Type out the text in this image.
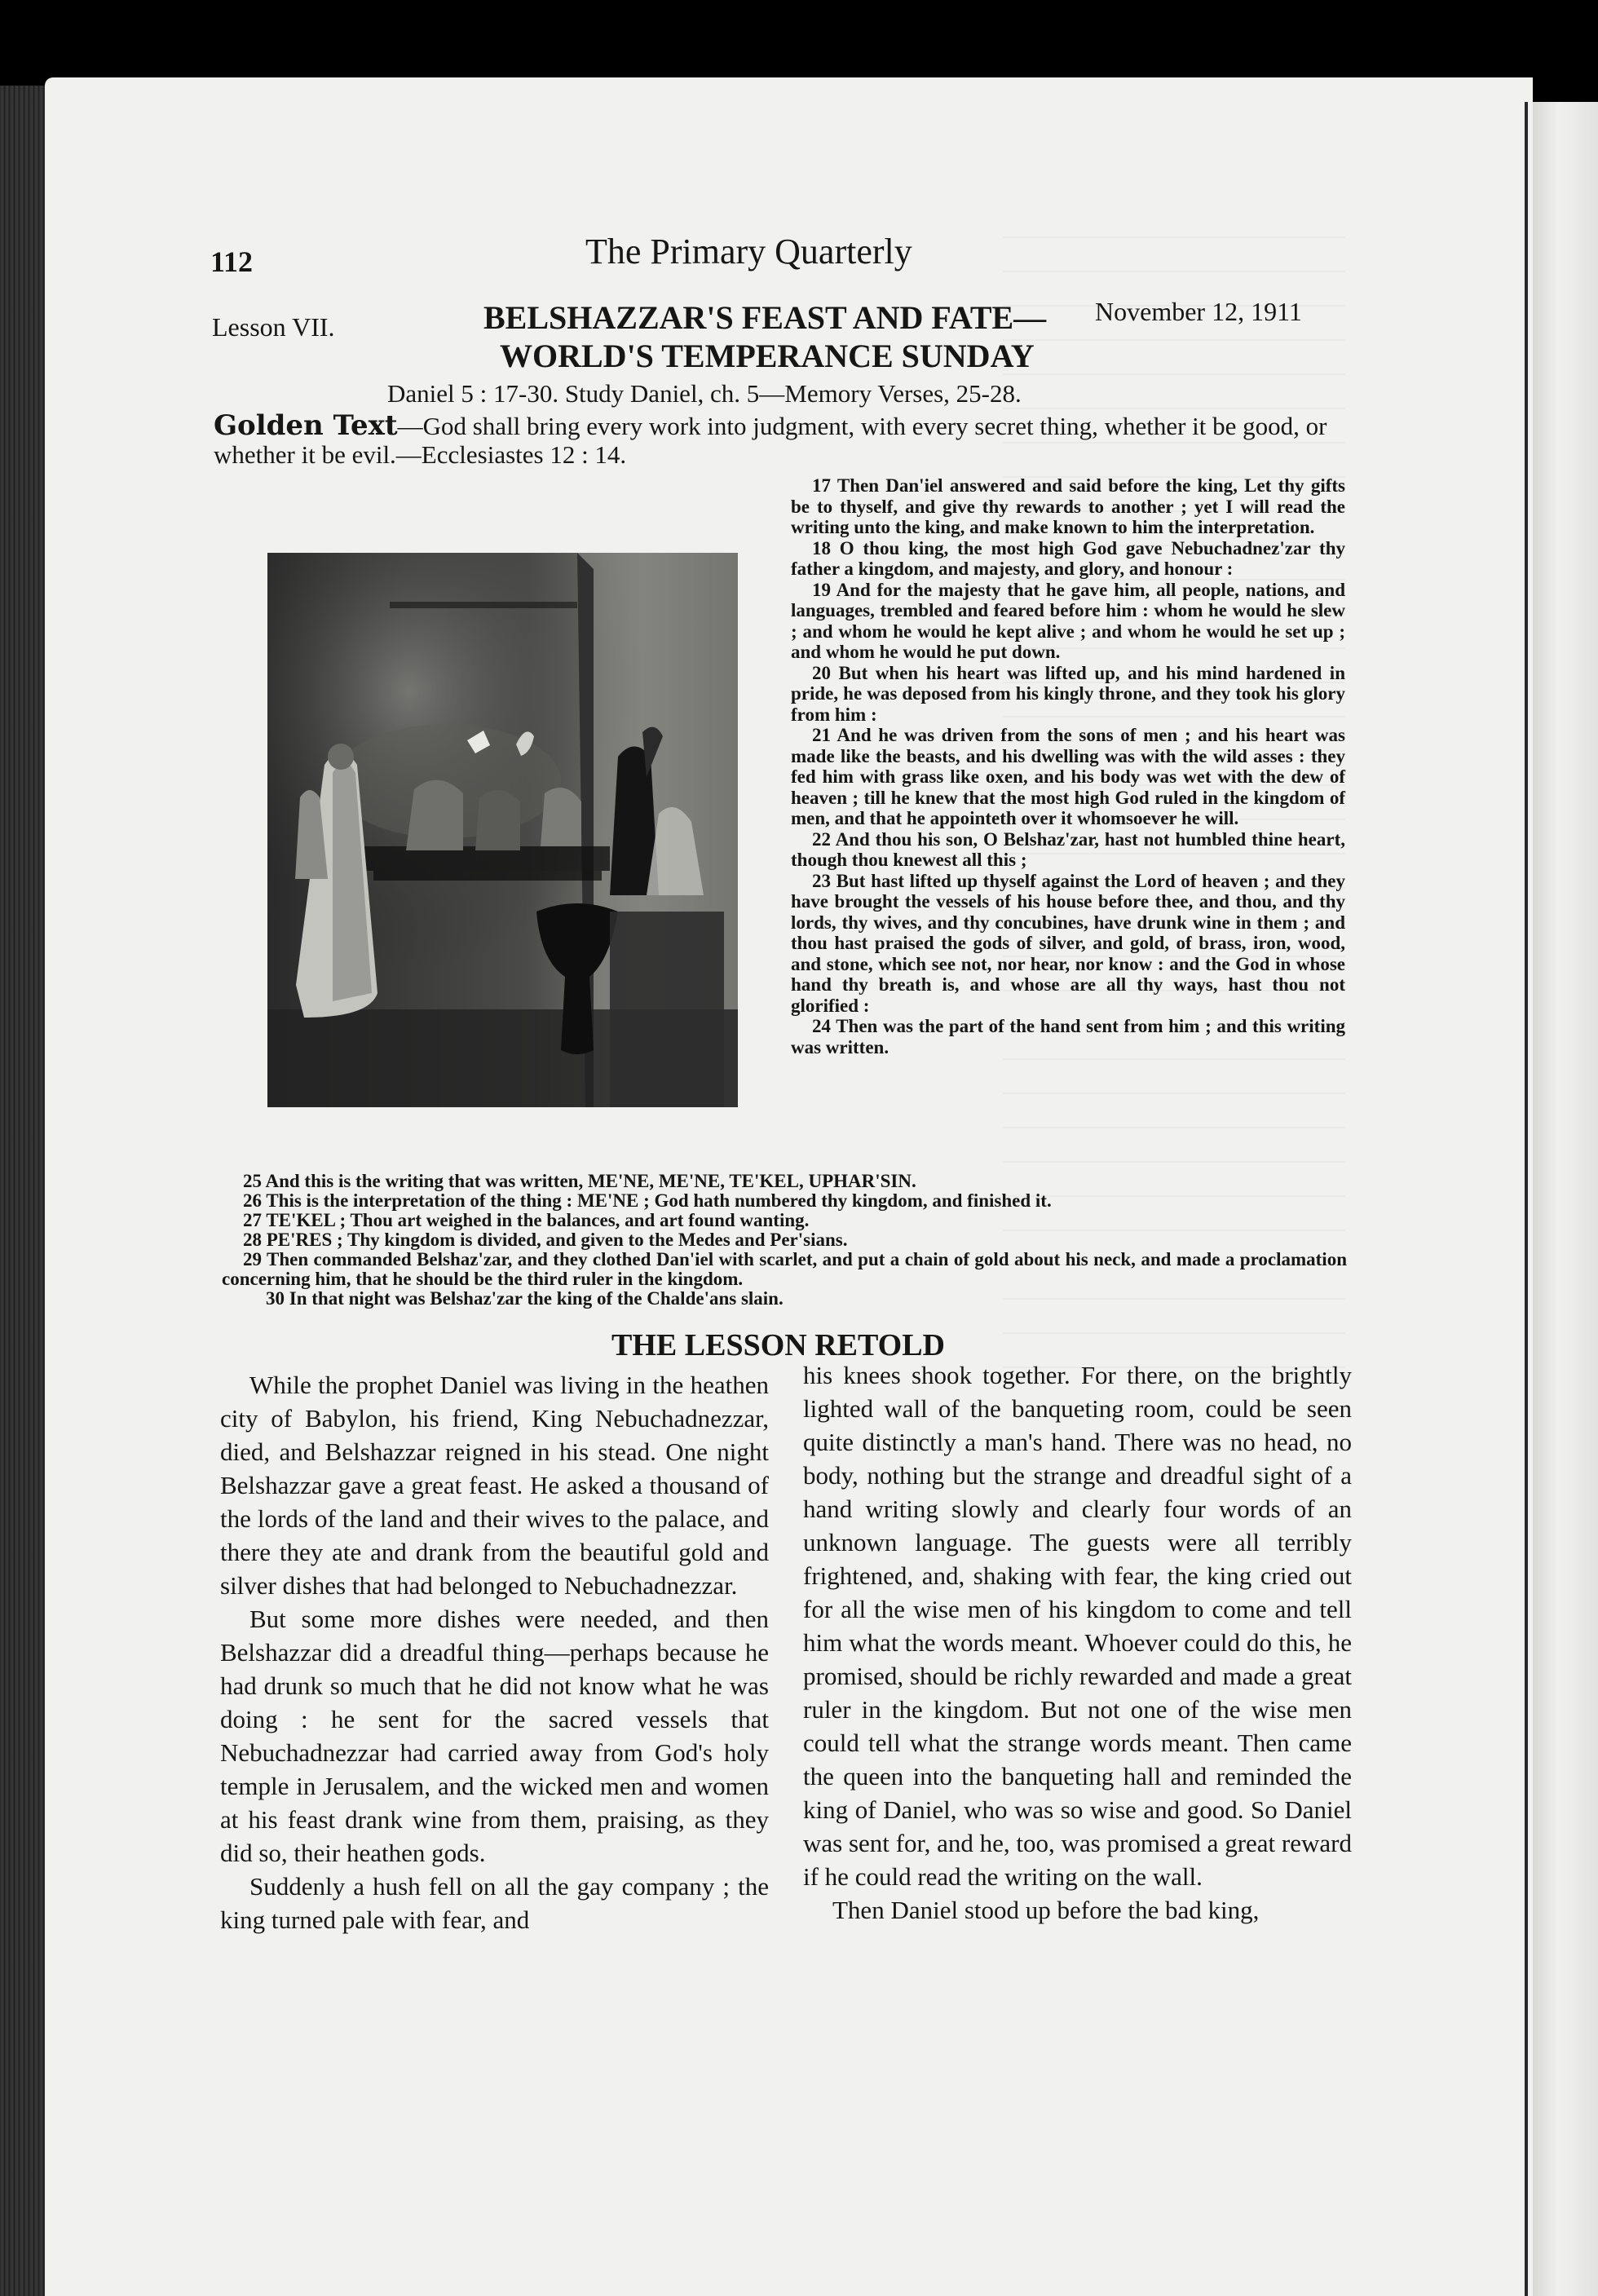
112	The Primary Quarterly
Lesson VII.	BELSHAZZAR'S FEAST AND FATE— November 12, 1911
WORLD'S TEMPERANCE SUNDAY
Daniel 5 : 17-30. Study Daniel, ch. 5—Memory Verses, 25-28.
Golden Text—God shall bring every work into judgment, with every secret thing, whether it be good, or whether it be evil.—Ecclesiastes 12 : 14.

17 Then Dan'iel answered and said before the king, Let thy gifts be to thyself, and give thy rewards to another ; yet I will read the writing unto the king, and make known to him the interpretation.

18 O thou king, the most high God gave Nebuchadnez'zar thy father a kingdom, and majesty, and glory, and honour :

19 And for the majesty that he gave him, all people, nations, and languages, trembled and feared before him : whom he would he slew ; and whom he would he kept alive ; and whom he would he set up ; and whom he would he put down.

20 But when his heart was lifted up, and his mind hardened in pride, he was deposed from his kingly throne, and they took his glory from him :

21 And he was driven from the sons of men ; and his heart was made like the beasts, and his dwelling was with the wild asses : they fed him with grass like oxen, and his body was wet with the dew of heaven ; till he knew that the most high God ruled in the kingdom of men, and that he appointeth over it whomsoever he will.

22 And thou his son, O Belshaz'zar, hast not humbled thine heart, though thou knewest all this ;

23 But hast lifted up thyself against the Lord of heaven ; and they have brought the vessels of his house before thee, and thou, and thy lords, thy wives, and thy concubines, have drunk wine in them ; and thou hast praised the gods of silver, and gold, of brass, iron, wood, and stone, which see not, nor hear, nor know : and the God in whose hand thy breath is, and whose are all thy ways, hast thou not glorified :

24 Then was the part of the hand sent from him ; and this writing was written.

25 And this is the writing that was written, ME'NE, ME'NE, TE'KEL, UPHAR'SIN.

26 This is the interpretation of the thing : ME'NE ; God hath numbered thy kingdom, and finished it.

27 TE'KEL ; Thou art weighed in the balances, and art found wanting.

28 PE'RES ; Thy kingdom is divided, and given to the Medes and Per'sians.

29 Then commanded Belshaz'zar, and they clothed Dan'iel with scarlet, and put a chain of gold about his neck, and made a proclamation concerning him, that he should be the third ruler in the kingdom.

30 In that night was Belshaz'zar the king of the Chalde'ans slain.

THE LESSON RETOLD

While the prophet Daniel was living in the heathen city of Babylon, his friend, King Nebuchadnezzar, died, and Belshazzar reigned in his stead. One night Belshazzar gave a great feast. He asked a thousand of the lords of the land and their wives to the palace, and there they ate and drank from the beautiful gold and silver dishes that had belonged to Nebuchadnezzar.

But some more dishes were needed, and then Belshazzar did a dreadful thing—perhaps because he had drunk so much that he did not know what he was doing : he sent for the sacred vessels that Nebuchadnezzar had carried away from God's holy temple in Jerusalem, and the wicked men and women at his feast drank wine from them, praising, as they did so, their heathen gods.

Suddenly a hush fell on all the gay company ; the king turned pale with fear, and

his knees shook together. For there, on the brightly lighted wall of the banqueting room, could be seen quite distinctly a man's hand. There was no head, no body, nothing but the strange and dreadful sight of a hand writing slowly and clearly four words of an unknown language. The guests were all terribly frightened, and, shaking with fear, the king cried out for all the wise men of his kingdom to come and tell him what the words meant. Whoever could do this, he promised, should be richly rewarded and made a great ruler in the kingdom. But not one of the wise men could tell what the strange words meant. Then came the queen into the banqueting hall and reminded the king of Daniel, who was so wise and good. So Daniel was sent for, and he, too, was promised a great reward if he could read the writing on the wall.

Then Daniel stood up before the bad king,
